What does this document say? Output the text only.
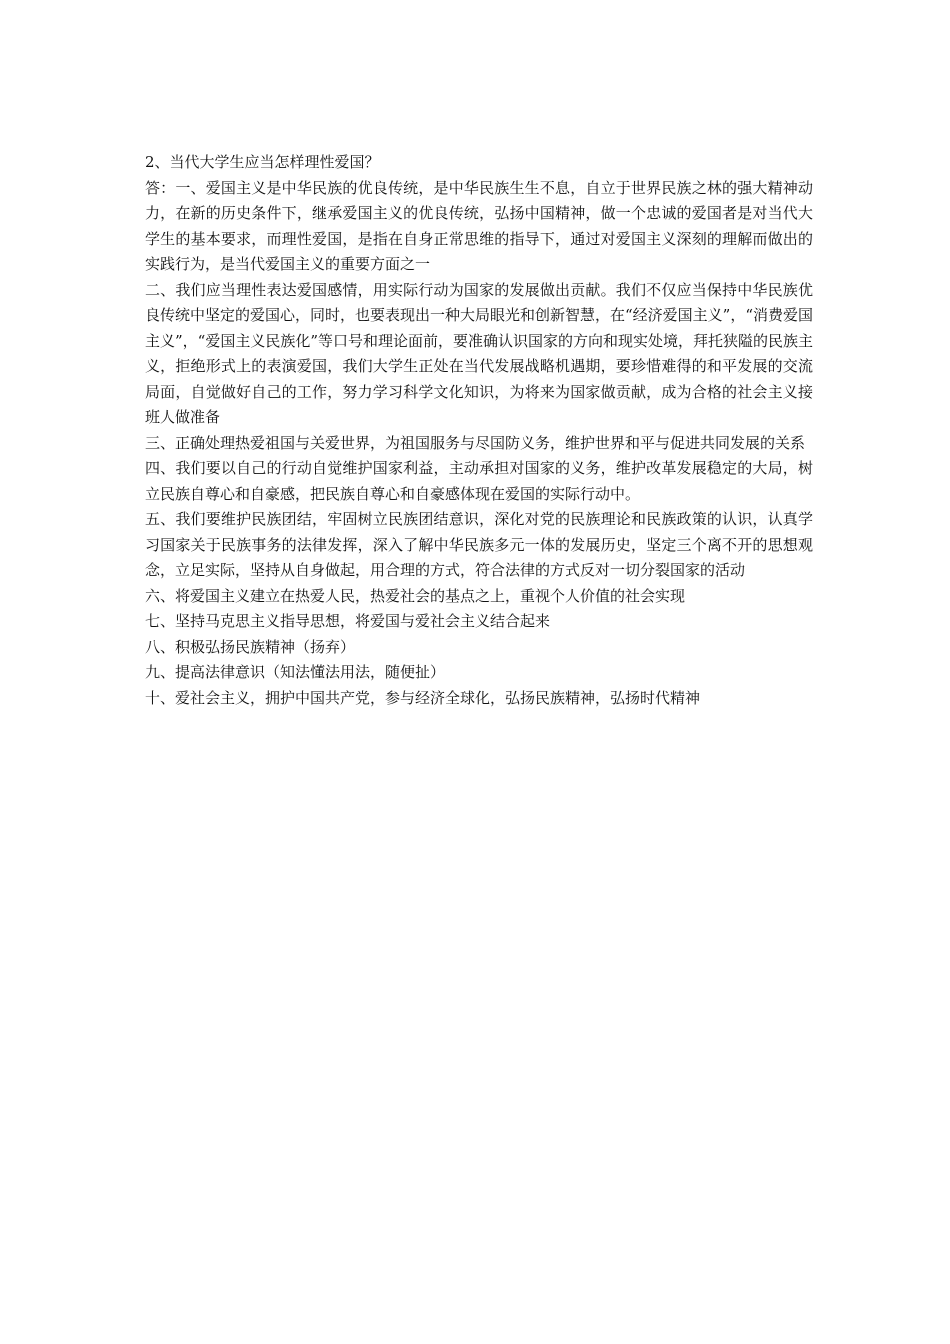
2、当代大学生应当怎样理性爱国？

答：一、爱国主义是中华民族的优良传统，是中华民族生生不息，自立于世界民族之林的强大精神动力，在新的历史条件下，继承爱国主义的优良传统，弘扬中国精神，做一个忠诚的爱国者是对当代大学生的基本要求，而理性爱国，是指在自身正常思维的指导下，通过对爱国主义深刻的理解而做出的实践行为，是当代爱国主义的重要方面之一

二、我们应当理性表达爱国感情，用实际行动为国家的发展做出贡献。我们不仅应当保持中华民族优良传统中坚定的爱国心，同时，也要表现出一种大局眼光和创新智慧，在“经济爱国主义”，“消费爱国主义”，“爱国主义民族化”等口号和理论面前，要准确认识国家的方向和现实处境，拜托狭隘的民族主义，拒绝形式上的表演爱国，我们大学生正处在当代发展战略机遇期，要珍惜难得的和平发展的交流局面，自觉做好自己的工作，努力学习科学文化知识，为将来为国家做贡献，成为合格的社会主义接班人做准备

三、正确处理热爱祖国与关爱世界，为祖国服务与尽国防义务，维护世界和平与促进共同发展的关系

四、我们要以自己的行动自觉维护国家利益，主动承担对国家的义务，维护改革发展稳定的大局，树立民族自尊心和自豪感，把民族自尊心和自豪感体现在爱国的实际行动中。

五、我们要维护民族团结，牢固树立民族团结意识，深化对党的民族理论和民族政策的认识，认真学习国家关于民族事务的法律发挥，深入了解中华民族多元一体的发展历史，坚定三个离不开的思想观念，立足实际，坚持从自身做起，用合理的方式，符合法律的方式反对一切分裂国家的活动

六、将爱国主义建立在热爱人民，热爱社会的基点之上，重视个人价值的社会实现

七、坚持马克思主义指导思想，将爱国与爱社会主义结合起来

八、积极弘扬民族精神（扬弃）

九、提高法律意识（知法懂法用法，随便扯）

十、爱社会主义，拥护中国共产党，参与经济全球化，弘扬民族精神，弘扬时代精神
